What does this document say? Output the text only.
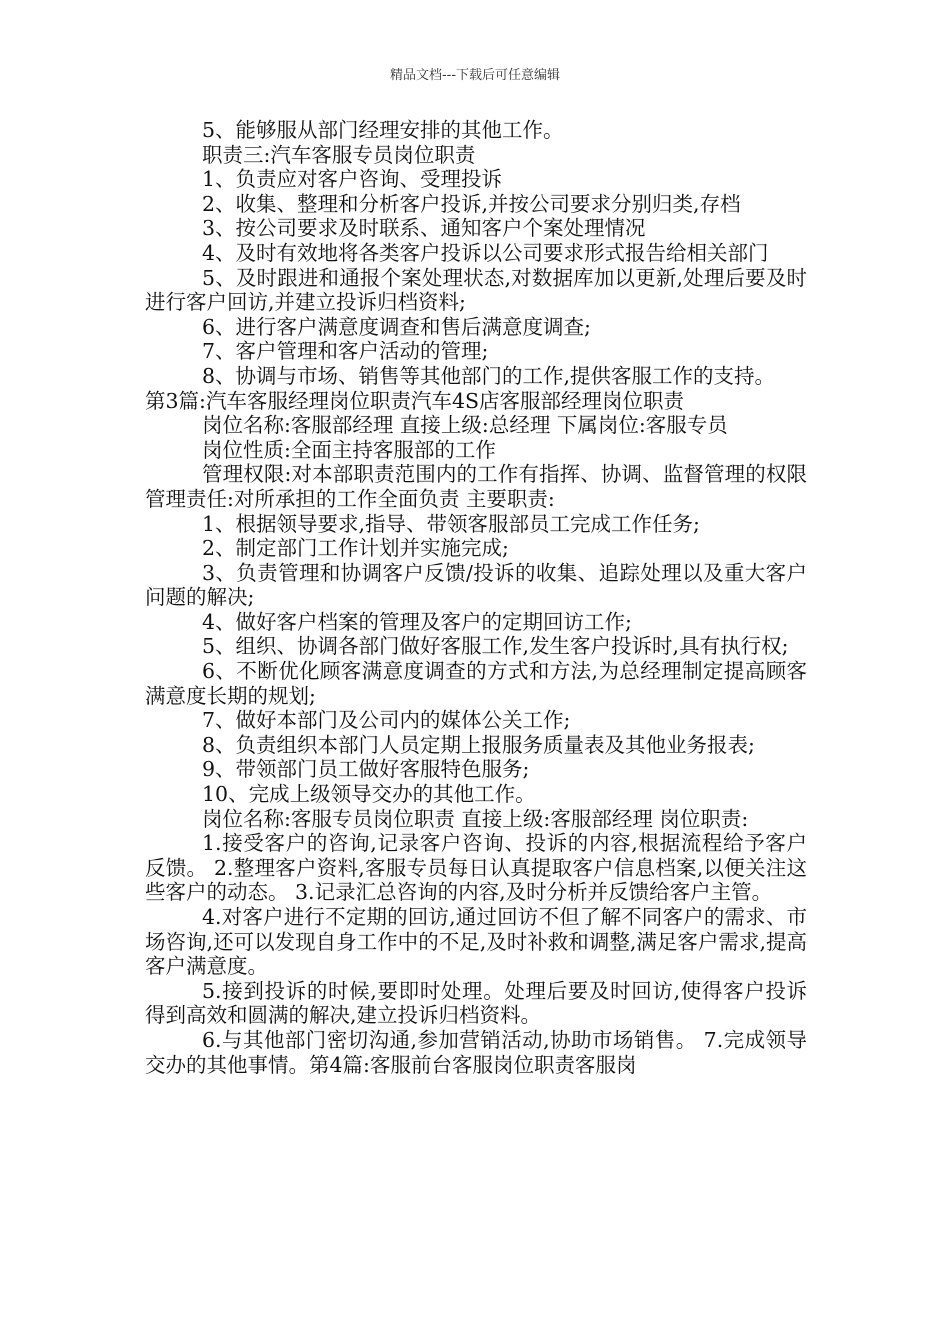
精品文档---下载后可任意编辑

5、能够服从部门经理安排的其他工作。

职责三:汽车客服专员岗位职责

1、负责应对客户咨询、受理投诉

2、收集、整理和分析客户投诉,并按公司要求分别归类,存档

3、按公司要求及时联系、通知客户个案处理情况

4、及时有效地将各类客户投诉以公司要求形式报告给相关部门

5、及时跟进和通报个案处理状态,对数据库加以更新,处理后要及时进行客户回访,并建立投诉归档资料;

6、进行客户满意度调查和售后满意度调查;

7、客户管理和客户活动的管理;

8、协调与市场、销售等其他部门的工作,提供客服工作的支持。

第3篇:汽车客服经理岗位职责汽车4S店客服部经理岗位职责

岗位名称:客服部经理 直接上级:总经理 下属岗位:客服专员

岗位性质:全面主持客服部的工作

管理权限:对本部职责范围内的工作有指挥、协调、监督管理的权限 管理责任:对所承担的工作全面负责 主要职责:

1、根据领导要求,指导、带领客服部员工完成工作任务;

2、制定部门工作计划并实施完成;

3、负责管理和协调客户反馈/投诉的收集、追踪处理以及重大客户问题的解决;

4、做好客户档案的管理及客户的定期回访工作;

5、组织、协调各部门做好客服工作,发生客户投诉时,具有执行权;

6、不断优化顾客满意度调查的方式和方法,为总经理制定提高顾客满意度长期的规划;

7、做好本部门及公司内的媒体公关工作;

8、负责组织本部门人员定期上报服务质量表及其他业务报表;

9、带领部门员工做好客服特色服务;

10、完成上级领导交办的其他工作。

岗位名称:客服专员岗位职责 直接上级:客服部经理 岗位职责:

1.接受客户的咨询,记录客户咨询、投诉的内容,根据流程给予客户反馈。 2.整理客户资料,客服专员每日认真提取客户信息档案,以便关注这些客户的动态。 3.记录汇总咨询的内容,及时分析并反馈给客户主管。

4.对客户进行不定期的回访,通过回访不但了解不同客户的需求、市场咨询,还可以发现自身工作中的不足,及时补救和调整,满足客户需求,提高客户满意度。

5.接到投诉的时候,要即时处理。处理后要及时回访,使得客户投诉得到高效和圆满的解决,建立投诉归档资料。

6.与其他部门密切沟通,参加营销活动,协助市场销售。 7.完成领导交办的其他事情。第4篇:客服前台客服岗位职责客服岗
